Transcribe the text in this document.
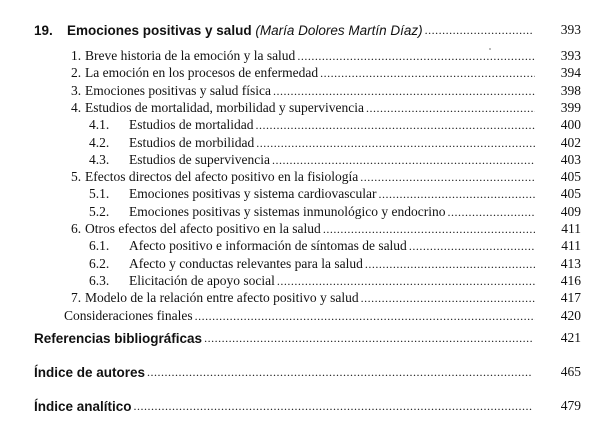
19. Emociones positivas y salud (María Dolores Martín Díaz) .....	393
1. Breve historia de la emoción y la salud .....	393
2. La emoción en los procesos de enfermedad .....	394
3. Emociones positivas y salud física .....	398
4. Estudios de mortalidad, morbilidad y supervivencia .....	399
4.1. Estudios de mortalidad .....	400
4.2. Estudios de morbilidad .....	402
4.3. Estudios de supervivencia .....	403
5. Efectos directos del afecto positivo en la fisiología .....	405
5.1. Emociones positivas y sistema cardiovascular .....	405
5.2. Emociones positivas y sistemas inmunológico y endocrino .....	409
6. Otros efectos del afecto positivo en la salud .....	411
6.1. Afecto positivo e información de síntomas de salud .....	411
6.2. Afecto y conductas relevantes para la salud .....	413
6.3. Elicitación de apoyo social .....	416
7. Modelo de la relación entre afecto positivo y salud .....	417
Consideraciones finales .....	420
Referencias bibliográficas .....	421
Índice de autores .....	465
Índice analítico .....	479
